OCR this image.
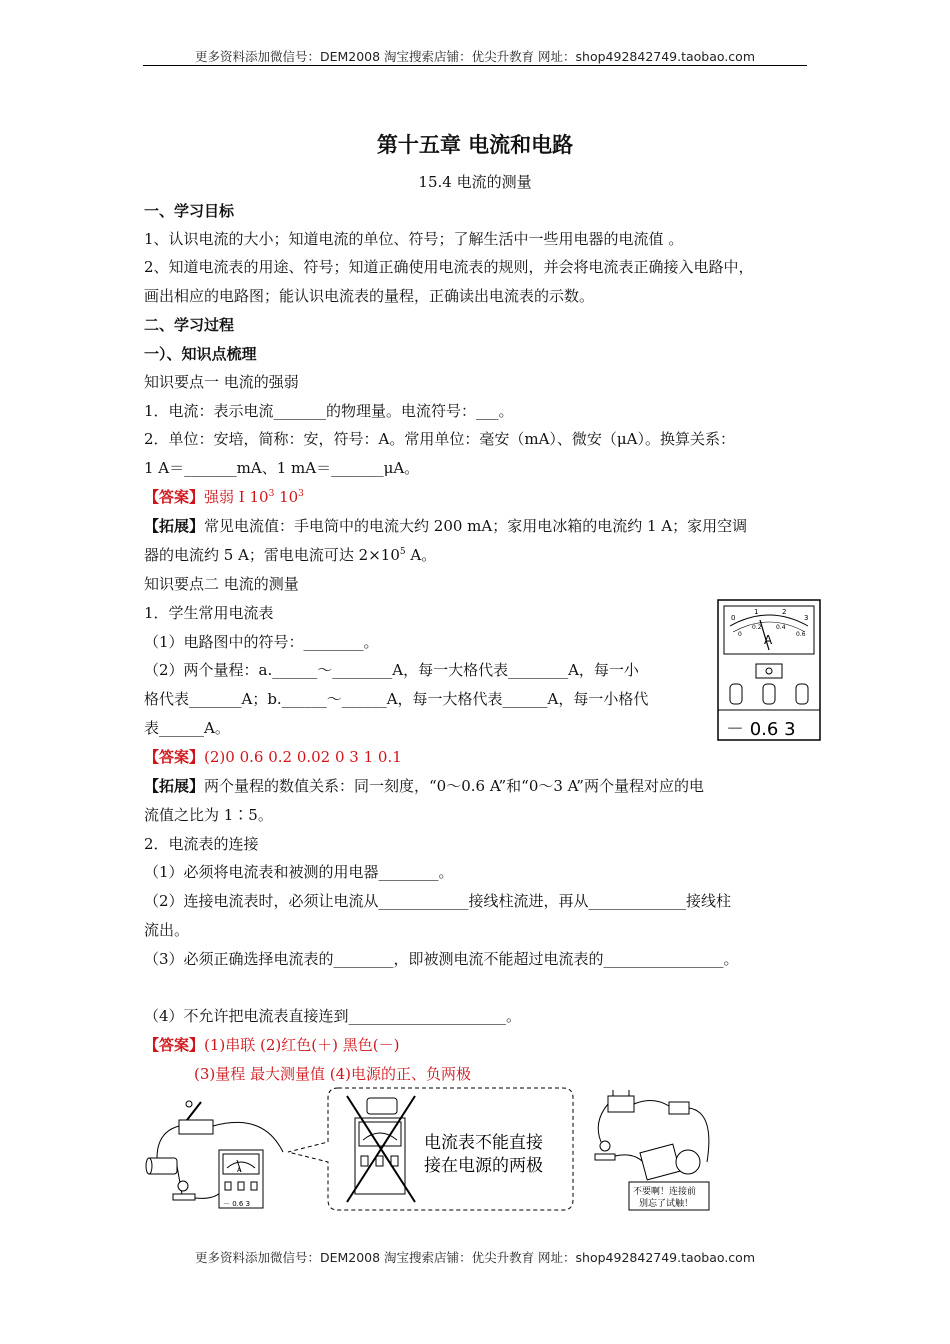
更多资料添加微信号：DEM2008 淘宝搜索店铺：优尖升教育 网址：shop492842749.taobao.com
第十五章 电流和电路
15.4 电流的测量
一、学习目标
1、认识电流的大小；知道电流的单位、符号；了解生活中一些用电器的电流值 。
2、知道电流表的用途、符号；知道正确使用电流表的规则，并会将电流表正确接入电路中，
画出相应的电路图；能认识电流表的量程，正确读出电流表的示数。
二、学习过程
一）、知识点梳理
知识要点一 电流的强弱
1．电流：表示电流_______的物理量。电流符号：___。
2．单位：安培，简称：安，符号：A。常用单位：毫安（mA）、微安（μA）。换算关系：
1 A＝_______mA、1 mA＝_______μA。
【答案】强弱 I $10^3$ $10^3$
【拓展】常见电流值：手电筒中的电流大约 200 mA；家用电冰箱的电流约 1 A；家用空调
器的电流约 5 A；雷电电流可达 $2\times 10^5$ A。
知识要点二 电流的测量
1．学生常用电流表
（1）电路图中的符号：________。
（2）两个量程：a.______～________A，每一大格代表________A，每一小
格代表_______A；b.______～______A，每一大格代表______A，每一小格代
表______A。
【答案】(2)0 0.6 0.2 0.02 0 3 1 0.1
【拓展】两个量程的数值关系：同一刻度，“0～0.6 A”和“0～3 A”两个量程对应的电
流值之比为 1∶5。
2．电流表的连接
（1）必须将电流表和被测的用电器________。
（2）连接电流表时，必须让电流从____________接线柱流进，再从_____________接线柱
流出。
（3）必须正确选择电流表的________，即被测电流不能超过电流表的________________。
（4）不允许把电流表直接连到_____________________。
【答案】(1)串联 (2)红色(＋) 黑色(－)
(3)量程 最大测量值 (4)电源的正、负两极
0
1	2
3
0
0.2 0.4
0.6
A
－ 0.6 3
A
－ 0.6 3
电流表不能直接
接在电源的两极
不要啊！连接前
别忘了试触！
更多资料添加微信号：DEM2008 淘宝搜索店铺：优尖升教育 网址：shop492842749.taobao.com
